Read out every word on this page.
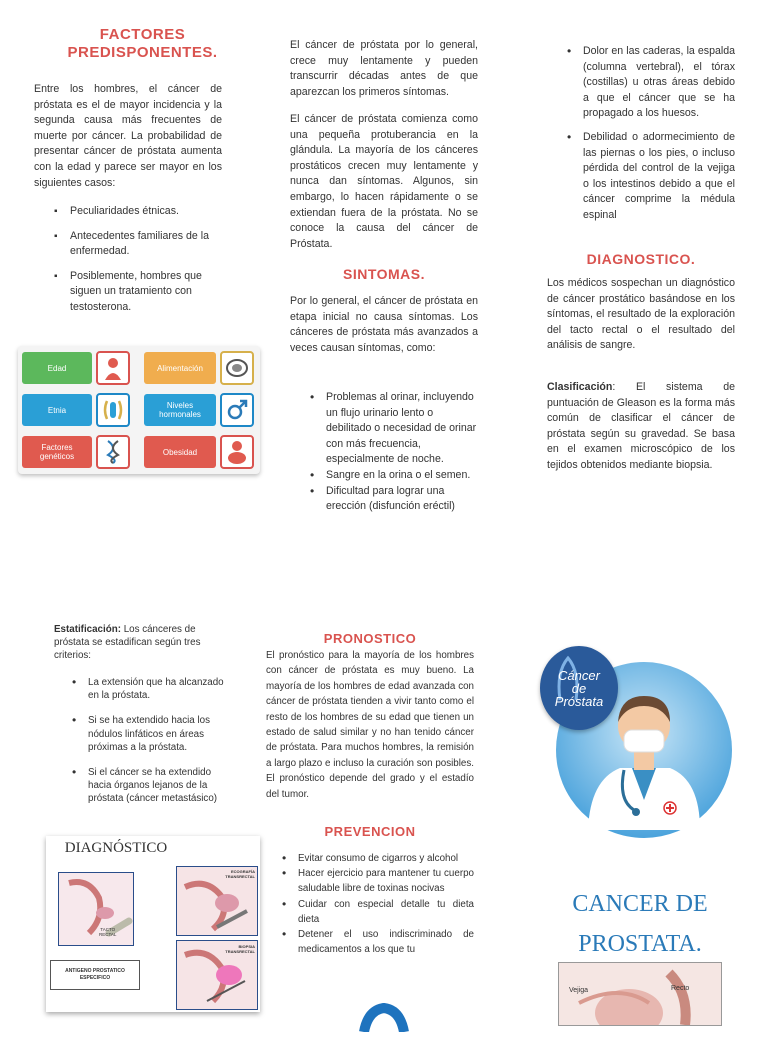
FACTORES
PREDISPONENTES.
Entre los hombres, el cáncer de próstata es el de mayor incidencia y la segunda causa más frecuentes de muerte por cáncer. La probabilidad de presentar cáncer de próstata aumenta con la edad y parece ser mayor en los siguientes casos:
▪ Peculiaridades étnicas.
▪ Antecedentes familiares de la enfermedad.
▪ Posiblemente, hombres que siguen un tratamiento con testosterona.
Edad	Alimentación
Etnia	Niveles
hormonales
Factores
genéticos	Obesidad
El cáncer de próstata por lo general, crece muy lentamente y pueden transcurrir décadas antes de que aparezcan los primeros síntomas.
El cáncer de próstata comienza como una pequeña protuberancia en la glándula. La mayoría de los cánceres prostáticos crecen muy lentamente y nunca dan síntomas. Algunos, sin embargo, lo hacen rápidamente o se extiendan fuera de la próstata. No se conoce la causa del cáncer de Próstata.
SINTOMAS.
Por lo general, el cáncer de próstata en etapa inicial no causa síntomas. Los cánceres de próstata más avanzados a veces causan síntomas, como:
• Problemas al orinar, incluyendo un flujo urinario lento o debilitado o necesidad de orinar con más frecuencia, especialmente de noche.
• Sangre en la orina o el semen.
• Dificultad para lograr una erección (disfunción eréctil)
• Dolor en las caderas, la espalda (columna vertebral), el tórax (costillas) u otras áreas debido a que el cáncer que se ha propagado a los huesos.
• Debilidad o adormecimiento de las piernas o los pies, o incluso pérdida del control de la vejiga o los intestinos debido a que el cáncer comprime la médula espinal
DIAGNOSTICO.
Los médicos sospechan un diagnóstico de cáncer prostático basándose en los síntomas, el resultado de la exploración del tacto rectal o el resultado del análisis de sangre.
Clasificación: El sistema de puntuación de Gleason es la forma más común de clasificar el cáncer de próstata según su gravedad. Se basa en el examen microscópico de los tejidos obtenidos mediante biopsia.
Estatificación: Los cánceres de próstata se estadifican según tres criterios:
• La extensión que ha alcanzado en la próstata.
• Si se ha extendido hacia los nódulos linfáticos en áreas próximas a la próstata.
• Si el cáncer se ha extendido hacia órganos lejanos de la próstata (cáncer metastásico)
DIAGNÓSTICO
TACTO
RECTAL
ECOGRAFÍA
TRANSRECTAL
ANTIGENO PROSTATICO
ESPECIFICO
BIOPSIA
TRANSRECTAL
PRONOSTICO
El pronóstico para la mayoría de los hombres con cáncer de próstata es muy bueno. La mayoría de los hombres de edad avanzada con cáncer de próstata tienden a vivir tanto como el resto de los hombres de su edad que tienen un estado de salud similar y no han tenido cáncer de próstata. Para muchos hombres, la remisión a largo plazo e incluso la curación son posibles. El pronóstico depende del grado y el estadío del tumor.
PREVENCION
• Evitar consumo de cigarros y alcohol
• Hacer ejercicio para mantener tu cuerpo saludable libre de toxinas nocivas
• Cuidar con especial detalle tu dieta dieta
• Detener el uso indiscriminado de medicamentos a los que tu
Cáncer
de
Próstata
CANCER DE
PROSTATA.
Vejiga	Recto
